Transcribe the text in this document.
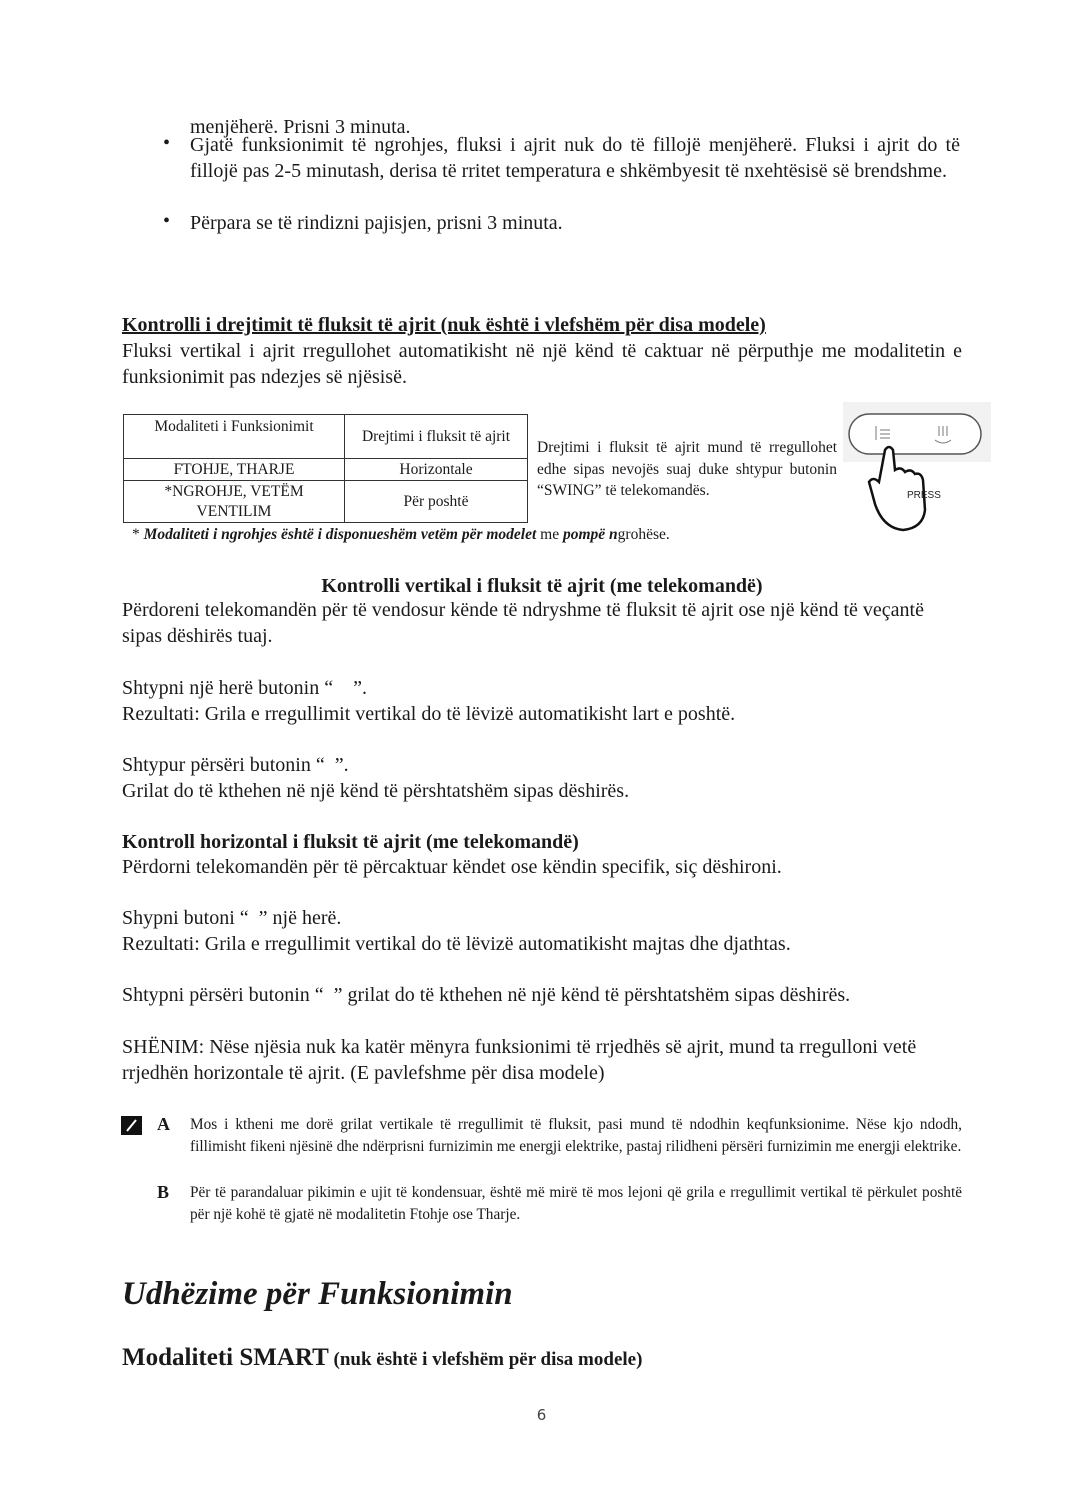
menjëherë. Prisni 3 minuta.
• Gjatë funksionimit të ngrohjes, fluksi i ajrit nuk do të fillojë menjëherë. Fluksi i ajrit do të fillojë pas 2-5 minutash, derisa të rritet temperatura e shkëmbyesit të nxehtësisë së brendshme.
• Përpara se të rindizni pajisjen, prisni 3 minuta.
Kontrolli i drejtimit të fluksit të ajrit (nuk është i vlefshëm për disa modele)
Fluksi vertikal i ajrit rregullohet automatikisht në një kënd të caktuar në përputhje me modalitetin e funksionimit pas ndezjes së njësisë.
Modaliteti i Funksionimit	Drejtimi i fluksit të ajrit
FTOHJE, THARJE	Horizontale
*NGROHJE, VETËM VENTILIM	Për poshtë
Drejtimi i fluksit të ajrit mund të rregullohet edhe sipas nevojës suaj duke shtypur butonin “SWING” të telekomandës.	PRESS
* Modaliteti i ngrohjes është i disponueshëm vetëm për modelet me pompë ngrohëse.
Kontrolli vertikal i fluksit të ajrit (me telekomandë)
Përdoreni telekomandën për të vendosur kënde të ndryshme të fluksit të ajrit ose një kënd të veçantë sipas dëshirës tuaj.
Shtypni një herë butonin “    ”.
Rezultati: Grila e rregullimit vertikal do të lëvizë automatikisht lart e poshtë.
Shtypur përsëri butonin “  ”.
Grilat do të kthehen në një kënd të përshtatshëm sipas dëshirës.
Kontroll horizontal i fluksit të ajrit (me telekomandë)
Përdorni telekomandën për të përcaktuar këndet ose këndin specifik, siç dëshironi.
Shypni butoni “  ” një herë.
Rezultati: Grila e rregullimit vertikal do të lëvizë automatikisht majtas dhe djathtas.
Shtypni përsëri butonin “  ” grilat do të kthehen në një kënd të përshtatshëm sipas dëshirës.
SHËNIM: Nëse njësia nuk ka katër mënyra funksionimi të rrjedhës së ajrit, mund ta rregulloni vetë rrjedhën horizontale të ajrit. (E pavlefshme për disa modele)
A Mos i ktheni me dorë grilat vertikale të rregullimit të fluksit, pasi mund të ndodhin keqfunksionime. Nëse kjo ndodh, fillimisht fikeni njësinë dhe ndërprisni furnizimin me energji elektrike, pastaj rilidheni përsëri furnizimin me energji elektrike.
B Për të parandaluar pikimin e ujit të kondensuar, është më mirë të mos lejoni që grila e rregullimit vertikal të përkulet poshtë për një kohë të gjatë në modalitetin Ftohje ose Tharje.
Udhëzime për Funksionimin
Modaliteti SMART (nuk është i vlefshëm për disa modele)
6
